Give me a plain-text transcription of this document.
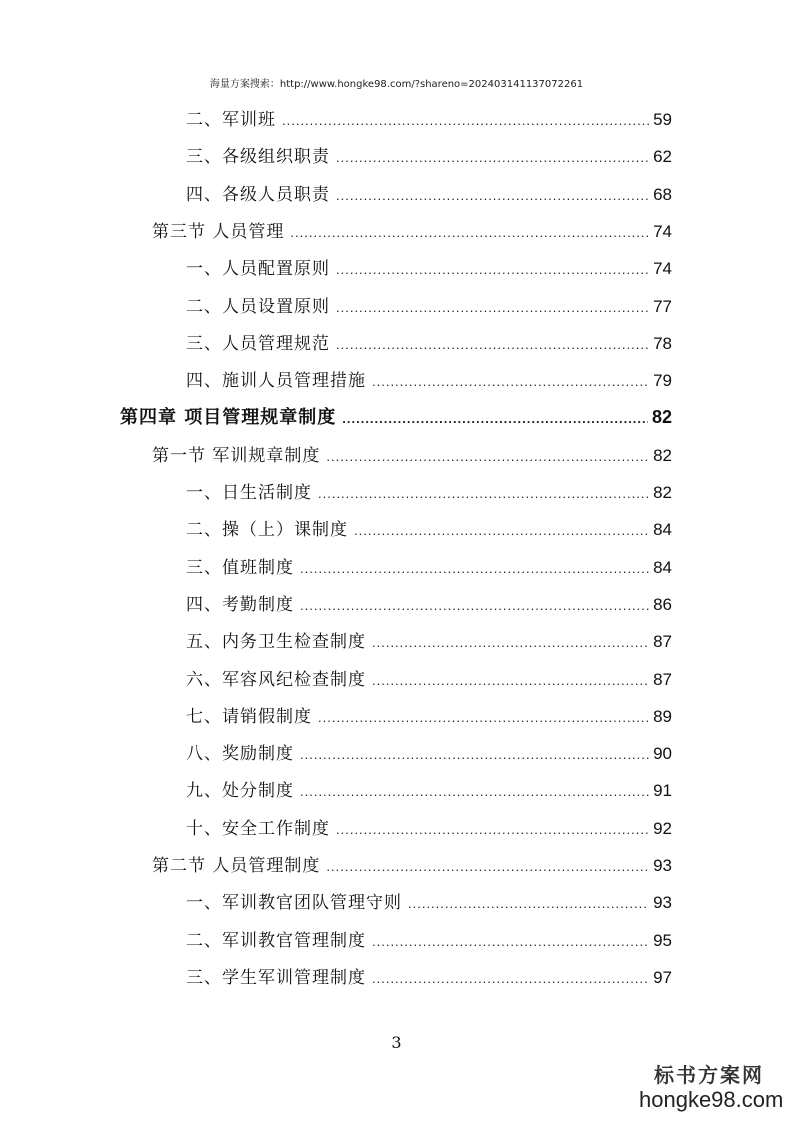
海量方案搜索：http://www.hongke98.com/?shareno=202403141137072261
二、军训班 .....	59
三、各级组织职责 .....	62
四、各级人员职责 .....	68
第三节 人员管理 .....	74
一、人员配置原则 .....	74
二、人员设置原则 .....	77
三、人员管理规范 .....	78
四、施训人员管理措施 .....	79
第四章 项目管理规章制度 .....	82
第一节 军训规章制度 .....	82
一、日生活制度 .....	82
二、操（上）课制度 .....	84
三、值班制度 .....	84
四、考勤制度 .....	86
五、内务卫生检查制度 .....	87
六、军容风纪检查制度 .....	87
七、请销假制度 .....	89
八、奖励制度 .....	90
九、处分制度 .....	91
十、安全工作制度 .....	92
第二节 人员管理制度 .....	93
一、军训教官团队管理守则 .....	93
二、军训教官管理制度 .....	95
三、学生军训管理制度 .....	97
3
标书方案网
hongke98.com
